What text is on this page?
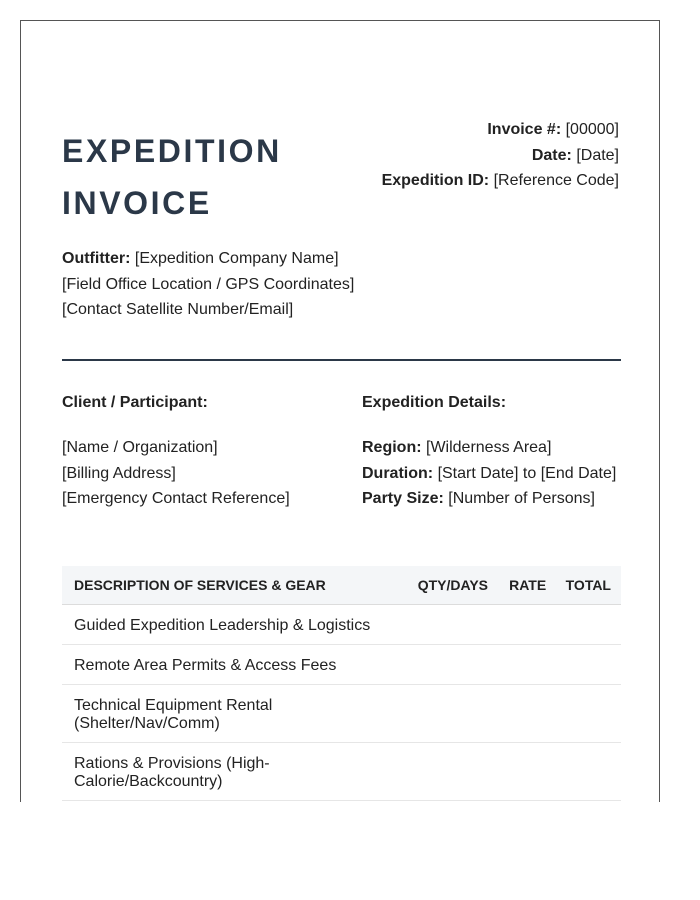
EXPEDITION
INVOICE
Invoice #: [00000]
Date: [Date]
Expedition ID: [Reference Code]
Outfitter: [Expedition Company Name]
[Field Office Location / GPS Coordinates]
[Contact Satellite Number/Email]
Client / Participant:
[Name / Organization]
[Billing Address]
[Emergency Contact Reference]
Expedition Details:
Region: [Wilderness Area]
Duration: [Start Date] to [End Date]
Party Size: [Number of Persons]
DESCRIPTION OF SERVICES & GEAR	QTY/DAYS	RATE	TOTAL
Guided Expedition Leadership & Logistics			
Remote Area Permits & Access Fees			
Technical Equipment Rental (Shelter/Nav/Comm)			
Rations & Provisions (High-Calorie/Backcountry)			
